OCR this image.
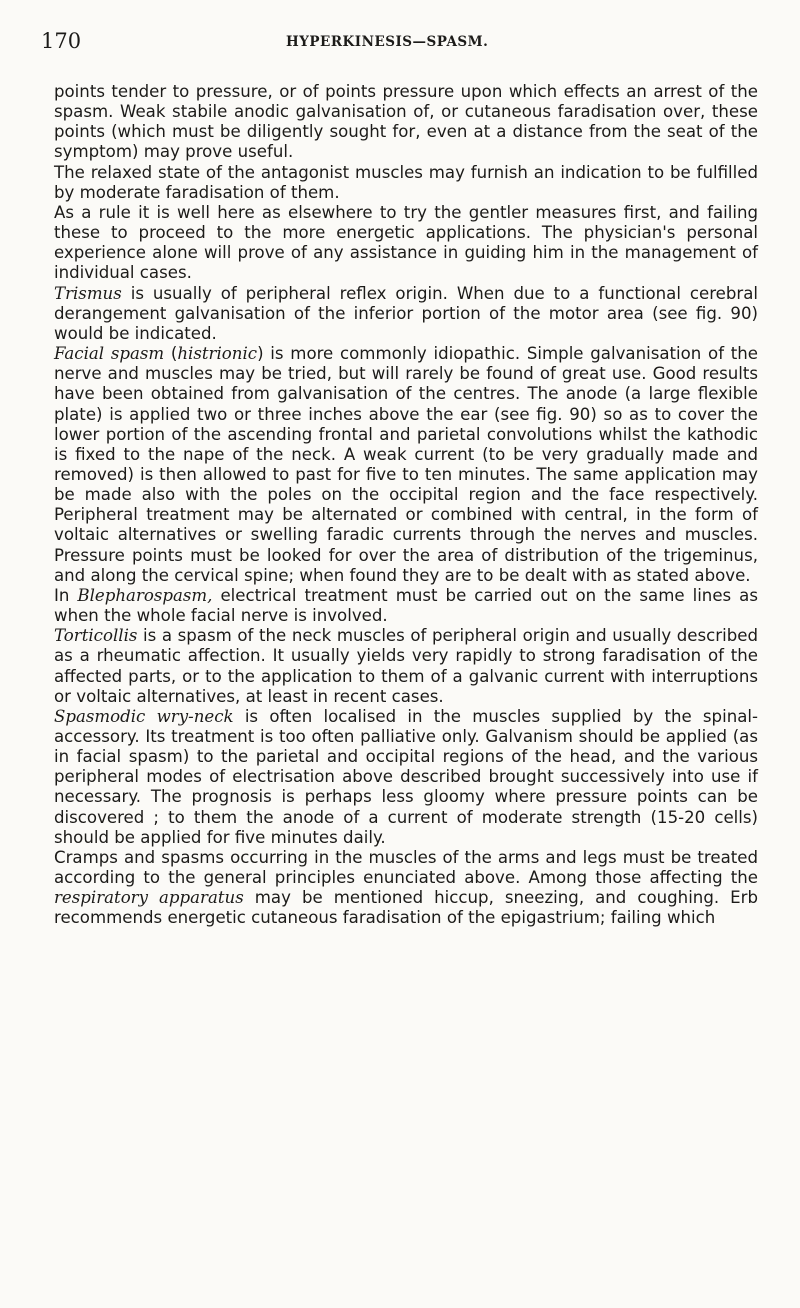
170	HYPERKINESIS—SPASM.

points tender to pressure, or of points pressure upon which effects an arrest of the spasm. Weak stabile anodic galvanisation of, or cutaneous faradisation over, these points (which must be diligently sought for, even at a distance from the seat of the symptom) may prove useful.

The relaxed state of the antagonist muscles may furnish an indication to be fulfilled by moderate faradisation of them.

As a rule it is well here as elsewhere to try the gentler measures first, and failing these to proceed to the more energetic applications. The physician's personal experience alone will prove of any assistance in guiding him in the management of individual cases.

Trismus is usually of peripheral reflex origin. When due to a functional cerebral derangement galvanisation of the inferior portion of the motor area (see fig. 90) would be indicated.

Facial spasm (histrionic) is more commonly idiopathic. Simple galvanisation of the nerve and muscles may be tried, but will rarely be found of great use. Good results have been obtained from galvanisation of the centres. The anode (a large flexible plate) is applied two or three inches above the ear (see fig. 90) so as to cover the lower portion of the ascending frontal and parietal convolutions whilst the kathodic is fixed to the nape of the neck. A weak current (to be very gradually made and removed) is then allowed to past for five to ten minutes. The same application may be made also with the poles on the occipital region and the face respectively. Peripheral treatment may be alternated or combined with central, in the form of voltaic alternatives or swelling faradic currents through the nerves and muscles. Pressure points must be looked for over the area of distribution of the trigeminus, and along the cervical spine; when found they are to be dealt with as stated above.

In Blepharospasm, electrical treatment must be carried out on the same lines as when the whole facial nerve is involved.

Torticollis is a spasm of the neck muscles of peripheral origin and usually described as a rheumatic affection. It usually yields very rapidly to strong faradisation of the affected parts, or to the application to them of a galvanic current with interruptions or voltaic alternatives, at least in recent cases.

Spasmodic wry-neck is often localised in the muscles supplied by the spinal-accessory. Its treatment is too often palliative only. Galvanism should be applied (as in facial spasm) to the parietal and occipital regions of the head, and the various peripheral modes of electrisation above described brought successively into use if necessary. The prognosis is perhaps less gloomy where pressure points can be discovered ; to them the anode of a current of moderate strength (15-20 cells) should be applied for five minutes daily.

Cramps and spasms occurring in the muscles of the arms and legs must be treated according to the general principles enunciated above. Among those affecting the respiratory apparatus may be mentioned hiccup, sneezing, and coughing. Erb recommends energetic cutaneous faradisation of the epigastrium; failing which
